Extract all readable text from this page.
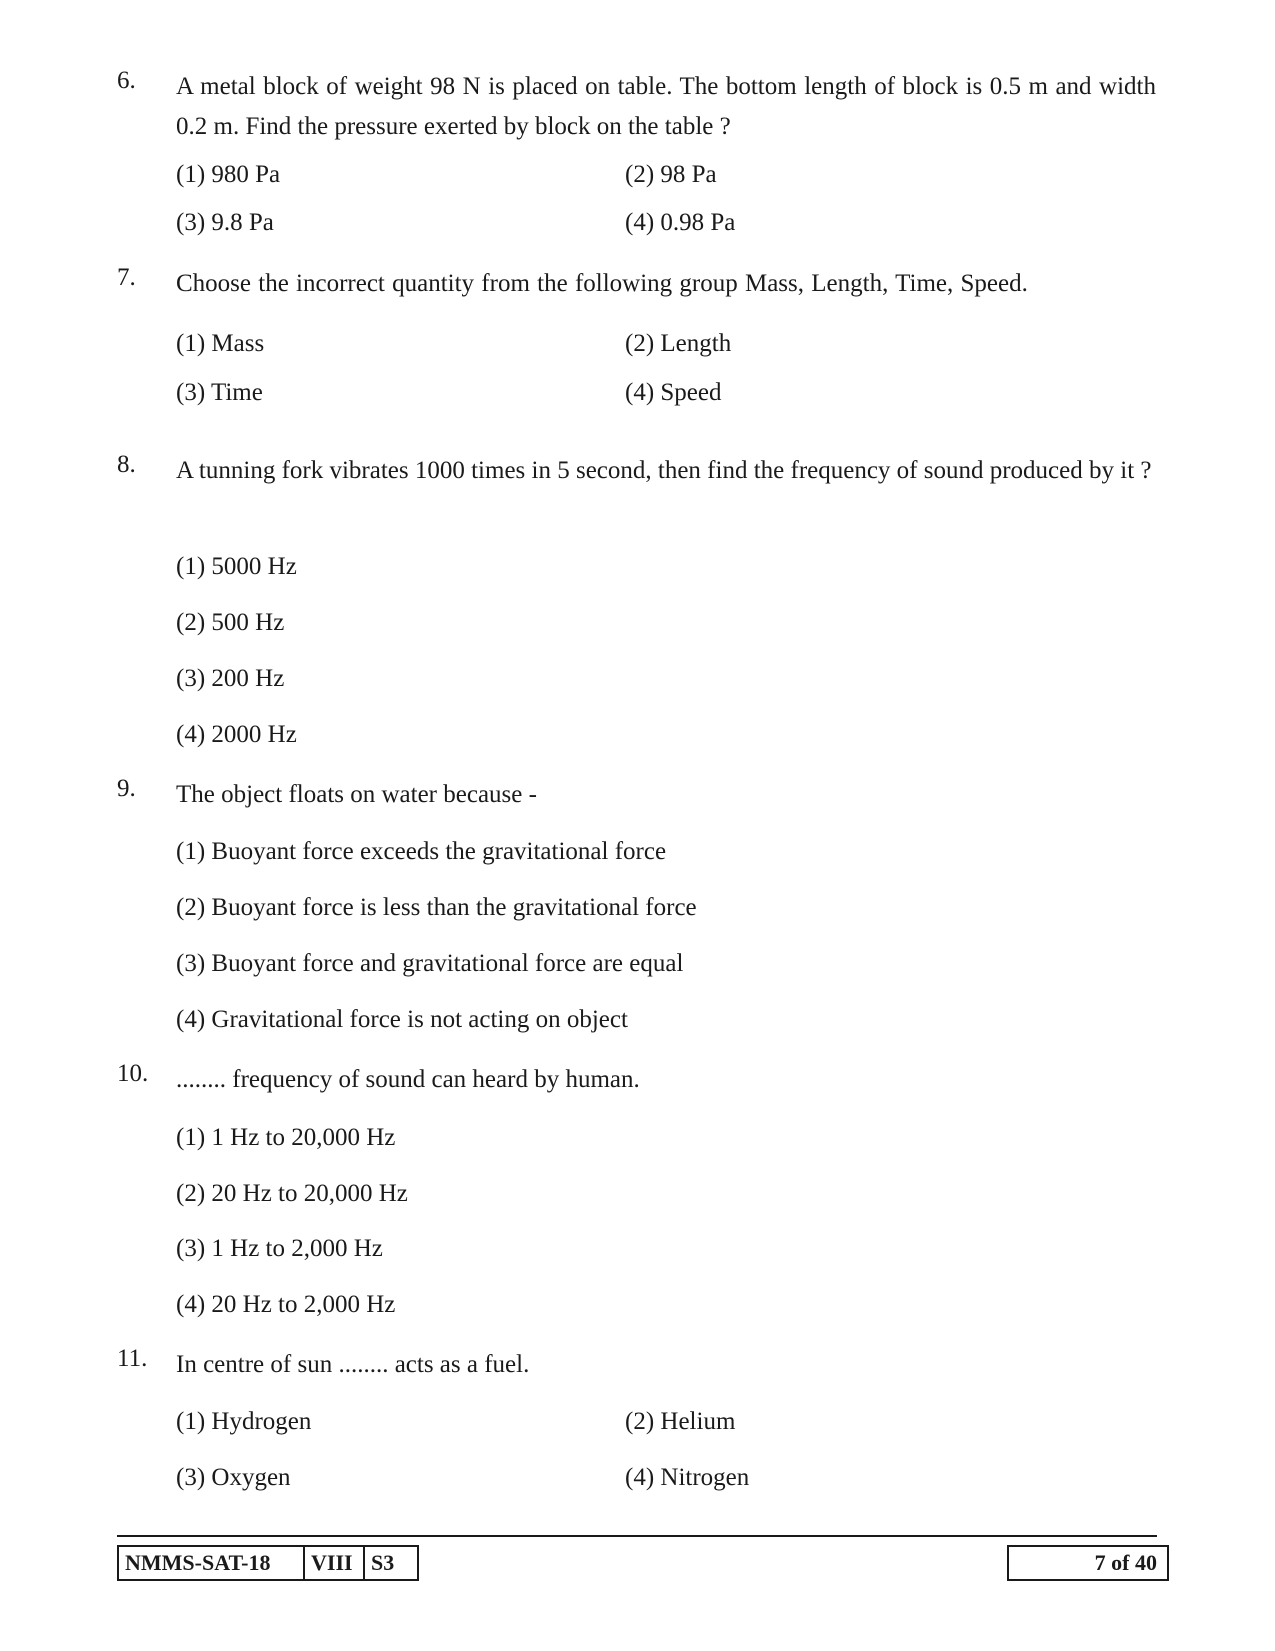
6. A metal block of weight 98 N is placed on table. The bottom length of block is 0.5 m and width 0.2 m. Find the pressure exerted by block on the table ?
(1) 980 Pa	(2) 98 Pa
(3) 9.8 Pa	(4) 0.98 Pa
7. Choose the incorrect quantity from the following group Mass, Length, Time, Speed.
(1) Mass	(2) Length
(3) Time	(4) Speed
8. A tunning fork vibrates 1000 times in 5 second, then find the frequency of sound produced by it ?
(1) 5000 Hz
(2) 500 Hz
(3) 200 Hz
(4) 2000 Hz
9. The object floats on water because -
(1) Buoyant force exceeds the gravitational force
(2) Buoyant force is less than the gravitational force
(3) Buoyant force and gravitational force are equal
(4) Gravitational force is not acting on object
10. ........ frequency of sound can heard by human.
(1) 1 Hz to 20,000 Hz
(2) 20 Hz to 20,000 Hz
(3) 1 Hz to 2,000 Hz
(4) 20 Hz to 2,000 Hz
11. In centre of sun ........ acts as a fuel.
(1) Hydrogen	(2) Helium
(3) Oxygen	(4) Nitrogen
NMMS-SAT-18	VIII S3	7 of 40
